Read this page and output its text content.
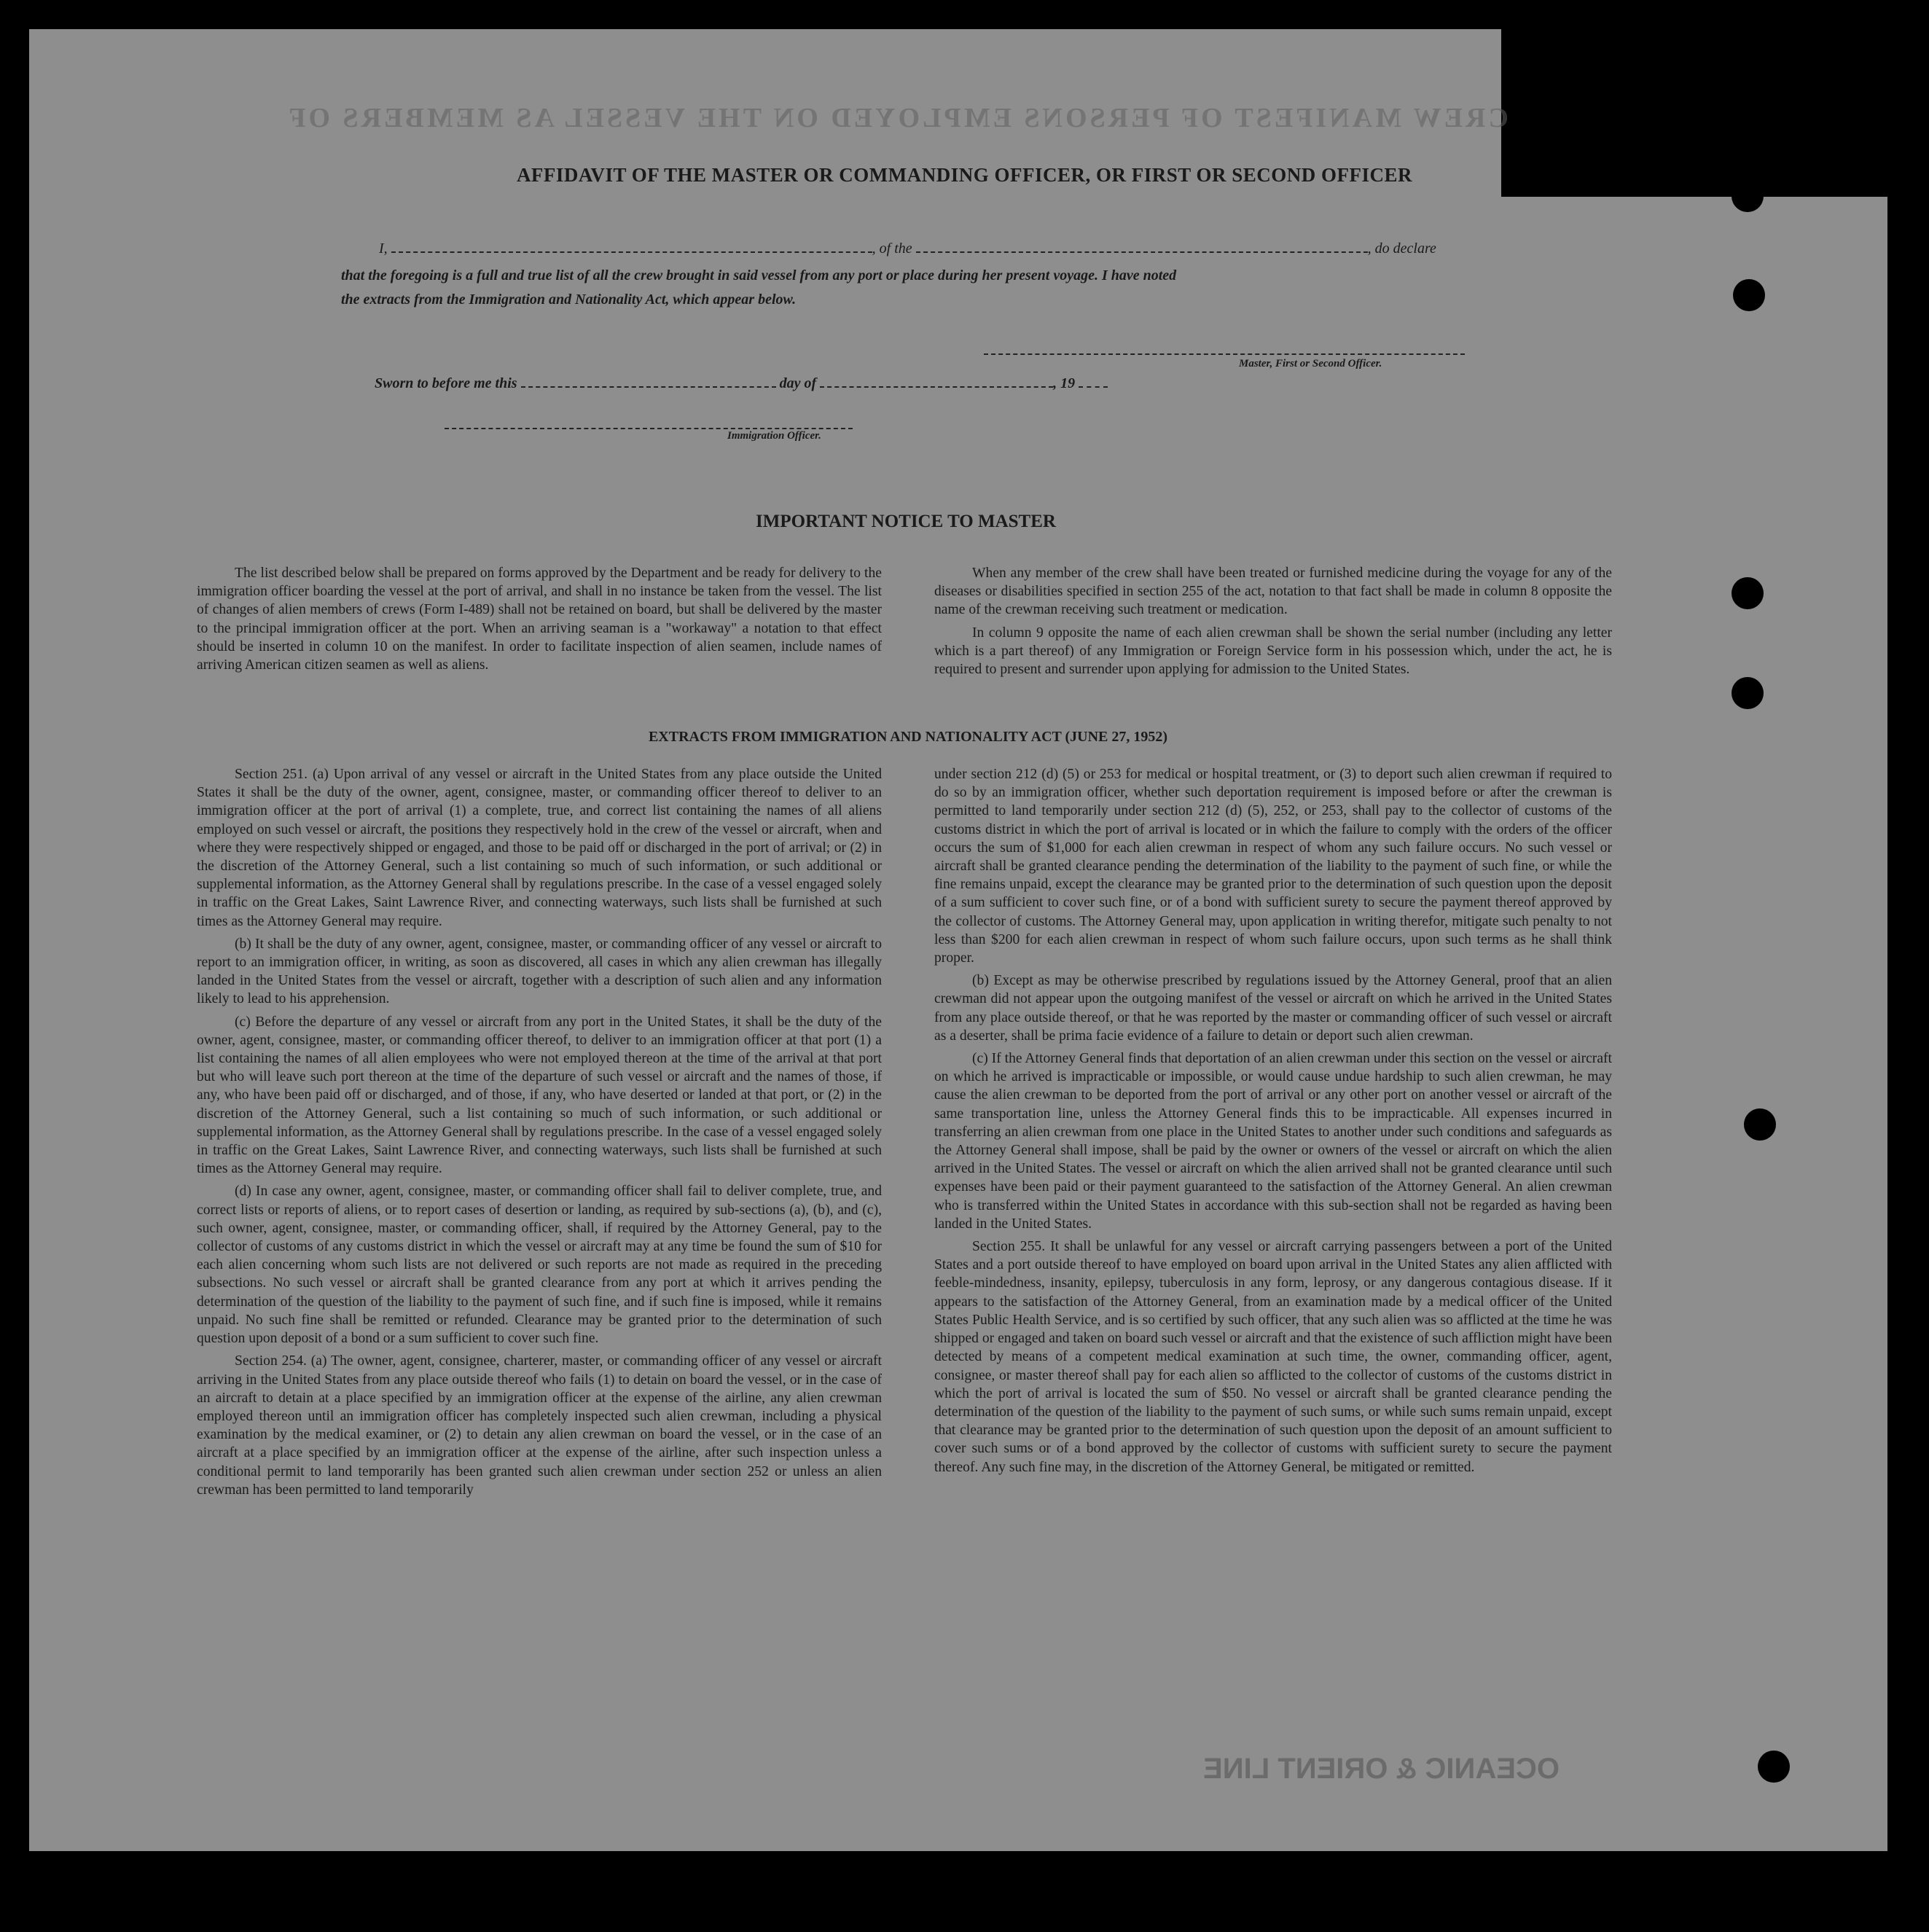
CREW MANIFEST OF PERSONS EMPLOYED ON THE VESSEL AS MEMBERS OF
OCEANIC & ORIENT LINE
AFFIDAVIT OF THE MASTER OR COMMANDING OFFICER, OR FIRST OR SECOND OFFICER
I,	, of the	, do declare
that the foregoing is a full and true list of all the crew brought in said vessel from any port or place during her present voyage. I have noted
the extracts from the Immigration and Nationality Act, which appear below.
Master, First or Second Officer.
Sworn to before me this	day of	, 19
Immigration Officer.
IMPORTANT NOTICE TO MASTER

The list described below shall be prepared on forms approved by the Department and be ready for delivery to the immigration officer boarding the vessel at the port of arrival, and shall in no instance be taken from the vessel. The list of changes of alien members of crews (Form I-489) shall not be retained on board, but shall be delivered by the master to the principal immigration officer at the port. When an arriving seaman is a "workaway" a notation to that effect should be inserted in column 10 on the manifest. In order to facilitate inspection of alien seamen, include names of arriving American citizen seamen as well as aliens.

When any member of the crew shall have been treated or furnished medicine during the voyage for any of the diseases or disabilities specified in section 255 of the act, notation to that fact shall be made in column 8 opposite the name of the crewman receiving such treatment or medication.

In column 9 opposite the name of each alien crewman shall be shown the serial number (including any letter which is a part thereof) of any Immigration or Foreign Service form in his possession which, under the act, he is required to present and surrender upon applying for admission to the United States.

EXTRACTS FROM IMMIGRATION AND NATIONALITY ACT (JUNE 27, 1952)

Section 251. (a) Upon arrival of any vessel or aircraft in the United States from any place outside the United States it shall be the duty of the owner, agent, consignee, master, or commanding officer thereof to deliver to an immigration officer at the port of arrival (1) a complete, true, and correct list containing the names of all aliens employed on such vessel or aircraft, the positions they respectively hold in the crew of the vessel or aircraft, when and where they were respectively shipped or engaged, and those to be paid off or discharged in the port of arrival; or (2) in the discretion of the Attorney General, such a list containing so much of such information, or such additional or supplemental information, as the Attorney General shall by regulations prescribe. In the case of a vessel engaged solely in traffic on the Great Lakes, Saint Lawrence River, and connecting waterways, such lists shall be furnished at such times as the Attorney General may require.

(b) It shall be the duty of any owner, agent, consignee, master, or commanding officer of any vessel or aircraft to report to an immigration officer, in writing, as soon as discovered, all cases in which any alien crewman has illegally landed in the United States from the vessel or aircraft, together with a description of such alien and any information likely to lead to his apprehension.

(c) Before the departure of any vessel or aircraft from any port in the United States, it shall be the duty of the owner, agent, consignee, master, or commanding officer thereof, to deliver to an immigration officer at that port (1) a list containing the names of all alien employees who were not employed thereon at the time of the arrival at that port but who will leave such port thereon at the time of the departure of such vessel or aircraft and the names of those, if any, who have been paid off or discharged, and of those, if any, who have deserted or landed at that port, or (2) in the discretion of the Attorney General, such a list containing so much of such information, or such additional or supplemental information, as the Attorney General shall by regulations prescribe. In the case of a vessel engaged solely in traffic on the Great Lakes, Saint Lawrence River, and connecting waterways, such lists shall be furnished at such times as the Attorney General may require.

(d) In case any owner, agent, consignee, master, or commanding officer shall fail to deliver complete, true, and correct lists or reports of aliens, or to report cases of desertion or landing, as required by sub-sections (a), (b), and (c), such owner, agent, consignee, master, or commanding officer, shall, if required by the Attorney General, pay to the collector of customs of any customs district in which the vessel or aircraft may at any time be found the sum of $10 for each alien concerning whom such lists are not delivered or such reports are not made as required in the preceding subsections. No such vessel or aircraft shall be granted clearance from any port at which it arrives pending the determination of the question of the liability to the payment of such fine, and if such fine is imposed, while it remains unpaid. No such fine shall be remitted or refunded. Clearance may be granted prior to the determination of such question upon deposit of a bond or a sum sufficient to cover such fine.

Section 254. (a) The owner, agent, consignee, charterer, master, or commanding officer of any vessel or aircraft arriving in the United States from any place outside thereof who fails (1) to detain on board the vessel, or in the case of an aircraft to detain at a place specified by an immigration officer at the expense of the airline, any alien crewman employed thereon until an immigration officer has completely inspected such alien crewman, including a physical examination by the medical examiner, or (2) to detain any alien crewman on board the vessel, or in the case of an aircraft at a place specified by an immigration officer at the expense of the airline, after such inspection unless a conditional permit to land temporarily has been granted such alien crewman under section 252 or unless an alien crewman has been permitted to land temporarily

under section 212 (d) (5) or 253 for medical or hospital treatment, or (3) to deport such alien crewman if required to do so by an immigration officer, whether such deportation requirement is imposed before or after the crewman is permitted to land temporarily under section 212 (d) (5), 252, or 253, shall pay to the collector of customs of the customs district in which the port of arrival is located or in which the failure to comply with the orders of the officer occurs the sum of $1,000 for each alien crewman in respect of whom any such failure occurs. No such vessel or aircraft shall be granted clearance pending the determination of the liability to the payment of such fine, or while the fine remains unpaid, except the clearance may be granted prior to the determination of such question upon the deposit of a sum sufficient to cover such fine, or of a bond with sufficient surety to secure the payment thereof approved by the collector of customs. The Attorney General may, upon application in writing therefor, mitigate such penalty to not less than $200 for each alien crewman in respect of whom such failure occurs, upon such terms as he shall think proper.

(b) Except as may be otherwise prescribed by regulations issued by the Attorney General, proof that an alien crewman did not appear upon the outgoing manifest of the vessel or aircraft on which he arrived in the United States from any place outside thereof, or that he was reported by the master or commanding officer of such vessel or aircraft as a deserter, shall be prima facie evidence of a failure to detain or deport such alien crewman.

(c) If the Attorney General finds that deportation of an alien crewman under this section on the vessel or aircraft on which he arrived is impracticable or impossible, or would cause undue hardship to such alien crewman, he may cause the alien crewman to be deported from the port of arrival or any other port on another vessel or aircraft of the same transportation line, unless the Attorney General finds this to be impracticable. All expenses incurred in transferring an alien crewman from one place in the United States to another under such conditions and safeguards as the Attorney General shall impose, shall be paid by the owner or owners of the vessel or aircraft on which the alien arrived in the United States. The vessel or aircraft on which the alien arrived shall not be granted clearance until such expenses have been paid or their payment guaranteed to the satisfaction of the Attorney General. An alien crewman who is transferred within the United States in accordance with this sub-section shall not be regarded as having been landed in the United States.

Section 255. It shall be unlawful for any vessel or aircraft carrying passengers between a port of the United States and a port outside thereof to have employed on board upon arrival in the United States any alien afflicted with feeble-mindedness, insanity, epilepsy, tuberculosis in any form, leprosy, or any dangerous contagious disease. If it appears to the satisfaction of the Attorney General, from an examination made by a medical officer of the United States Public Health Service, and is so certified by such officer, that any such alien was so afflicted at the time he was shipped or engaged and taken on board such vessel or aircraft and that the existence of such affliction might have been detected by means of a competent medical examination at such time, the owner, commanding officer, agent, consignee, or master thereof shall pay for each alien so afflicted to the collector of customs of the customs district in which the port of arrival is located the sum of $50. No vessel or aircraft shall be granted clearance pending the determination of the question of the liability to the payment of such sums, or while such sums remain unpaid, except that clearance may be granted prior to the determination of such question upon the deposit of an amount sufficient to cover such sums or of a bond approved by the collector of customs with sufficient surety to secure the payment thereof. Any such fine may, in the discretion of the Attorney General, be mitigated or remitted.
